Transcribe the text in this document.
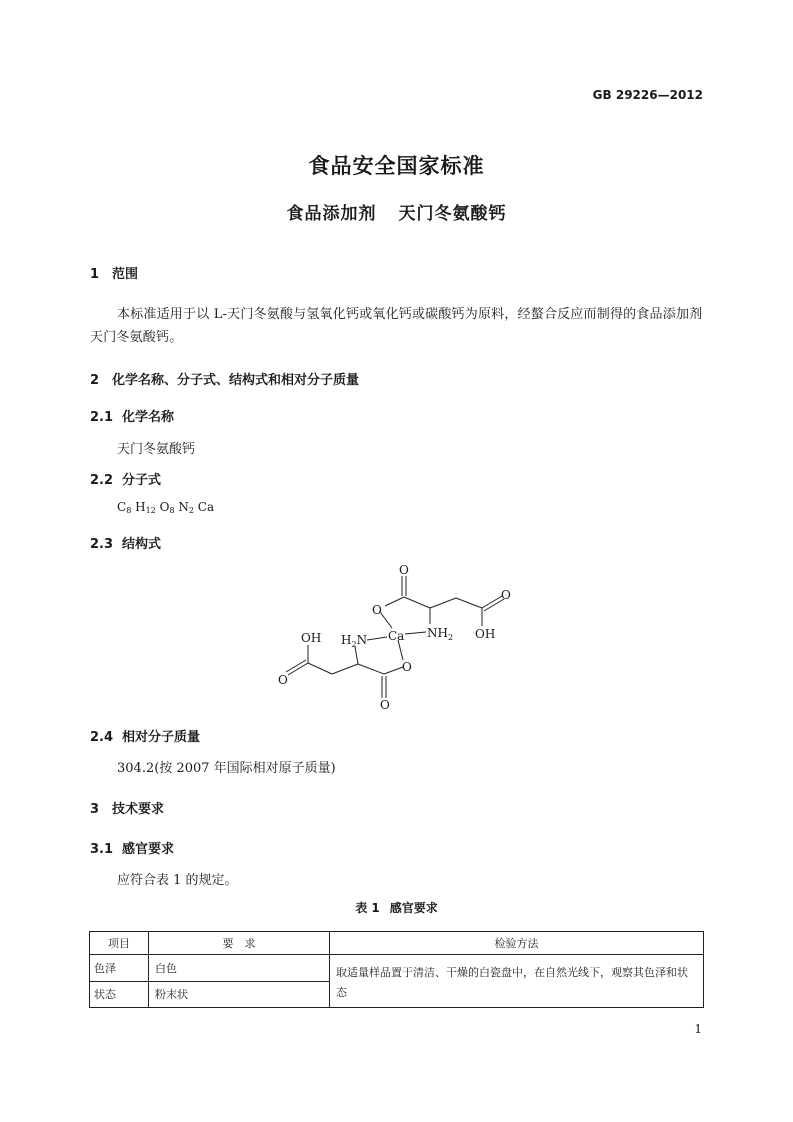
GB 29226—2012
食品安全国家标准
食品添加剂 天门冬氨酸钙
1 范围
本标准适用于以 L-天门冬氨酸与氢氧化钙或氧化钙或碳酸钙为原料，经螯合反应而制得的食品添加剂天门冬氨酸钙。
2 化学名称、分子式、结构式和相对分子质量
2.1 化学名称
天门冬氨酸钙
2.2 分子式
$C_8$ $H_{12}$ $O_8$ $N_2$ Ca
2.3 结构式
O
O
$NH_2$
Ca
O
OH
OH $H_2N$
O
O
O
2.4 相对分子质量
304.2(按 2007 年国际相对原子质量)
3 技术要求
3.1 感官要求
应符合表 1 的规定。
表 1 感官要求
项目	要　求	检验方法
色泽	白色	取适量样品置于清洁、干燥的白瓷盘中，在自然光线下，观察其色泽和状态
状态	粉末状	
1
